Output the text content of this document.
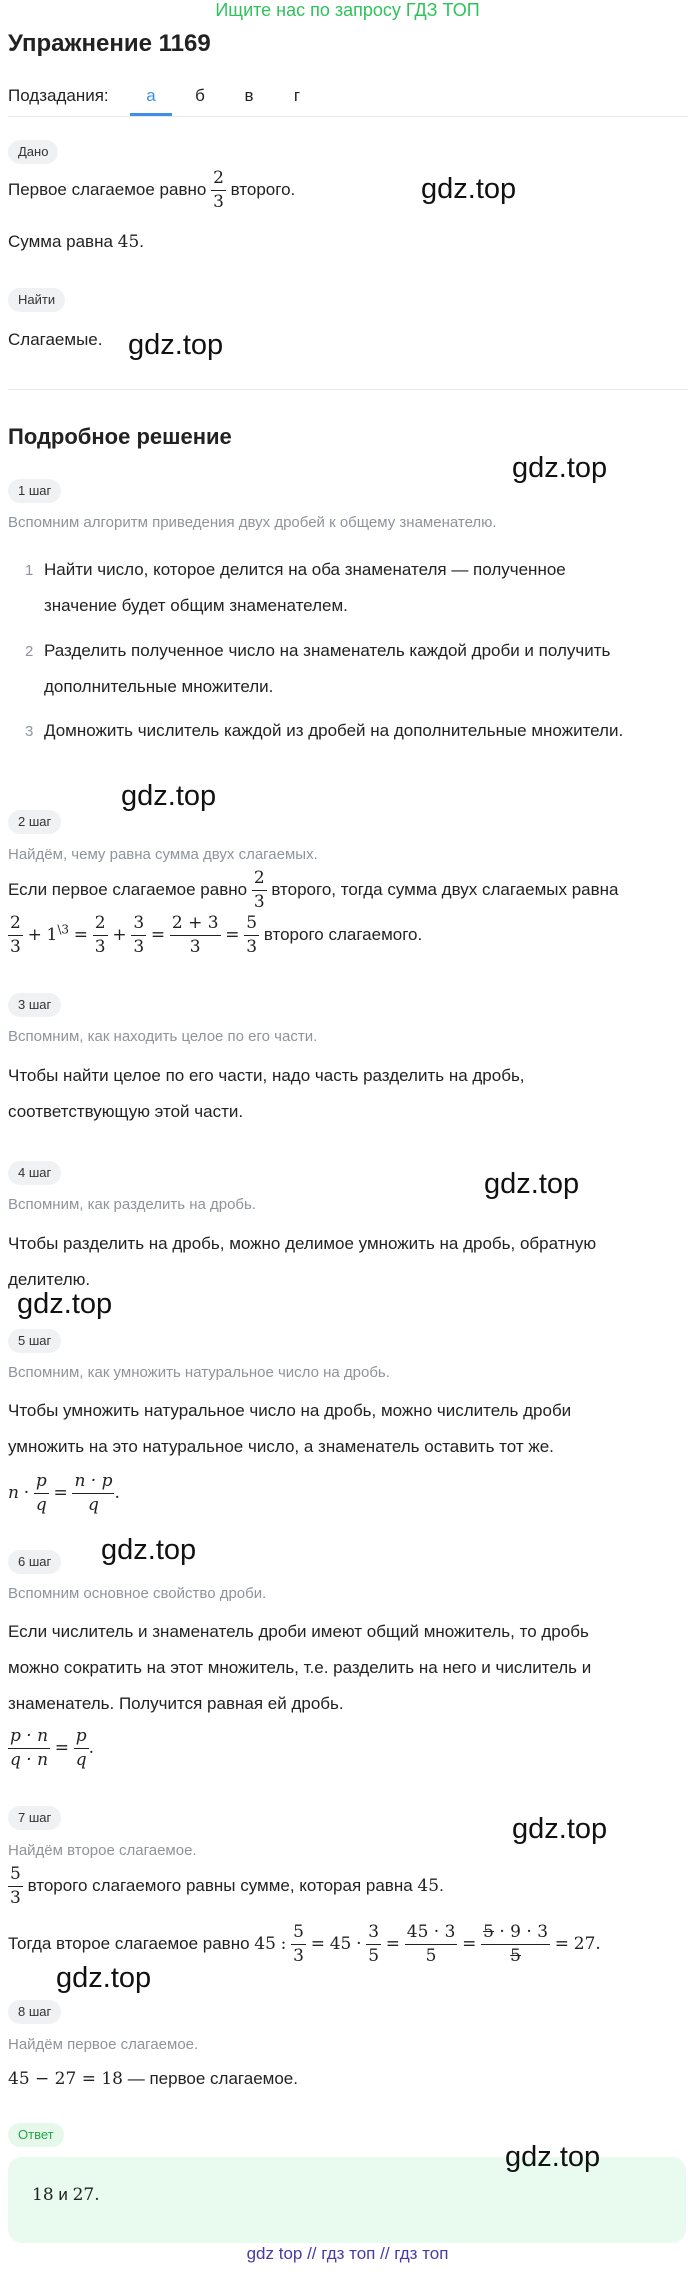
Ищите нас по запросу ГДЗ ТОП
Упражнение 1169
Подзадания:	а	б	в	г
Дано
Первое слагаемое равно $\frac{2}{3}$ второго.
Сумма равна 45.
Найти
Слагаемые.
Подробное решение
1 шаг
Вспомним алгоритм приведения двух дробей к общему знаменателю.
1 Найти число, которое делится на оба знаменателя — полученное
значение будет общим знаменателем.
2 Разделить полученное число на знаменатель каждой дроби и получить
дополнительные множители.
3 Домножить числитель каждой из дробей на дополнительные множители.
2 шаг
Найдём, чему равна сумма двух слагаемых.
Если первое слагаемое равно $\frac{2}{3}$ второго, тогда сумма двух слагаемых равна
$\frac{2}{3} + 1^{\backslash 3} = \frac{2}{3} + \frac{3}{3} = \frac{2 + 3}{3} = \frac{5}{3}$ второго слагаемого.
3 шаг
Вспомним, как находить целое по его части.
Чтобы найти целое по его части, надо часть разделить на дробь,
соответствующую этой части.
4 шаг
Вспомним, как разделить на дробь.
Чтобы разделить на дробь, можно делимое умножить на дробь, обратную
делителю.
5 шаг
Вспомним, как умножить натуральное число на дробь.
Чтобы умножить натуральное число на дробь, можно числитель дроби
умножить на это натуральное число, а знаменатель оставить тот же.
$n \cdot \frac{p}{q} = \frac{n \cdot p}{q}$ .
6 шаг
Вспомним основное свойство дроби.
Если числитель и знаменатель дроби имеют общий множитель, то дробь
можно сократить на этот множитель, т.е. разделить на него и числитель и
знаменатель. Получится равная ей дробь.
$\frac{p \cdot n}{q \cdot n} = \frac{p}{q}$ .
7 шаг
Найдём второе слагаемое.
$\frac{5}{3}$ второго слагаемого равны сумме, которая равна 45.
Тогда второе слагаемое равно 45 : $\frac{5}{3} = 45 \cdot \frac{3}{5} = \frac{45 \cdot 3}{5} = \frac{5 \cdot 9 \cdot 3}{5} = 27$.
8 шаг
Найдём первое слагаемое.
45 − 27 = 18 — первое слагаемое.
Ответ
18 и 27.
gdz.top
gdz.top
gdz.top
gdz.top
gdz.top
gdz.top
gdz.top
gdz.top
gdz.top
gdz.top
gdz top // гдз топ // гдз топ
